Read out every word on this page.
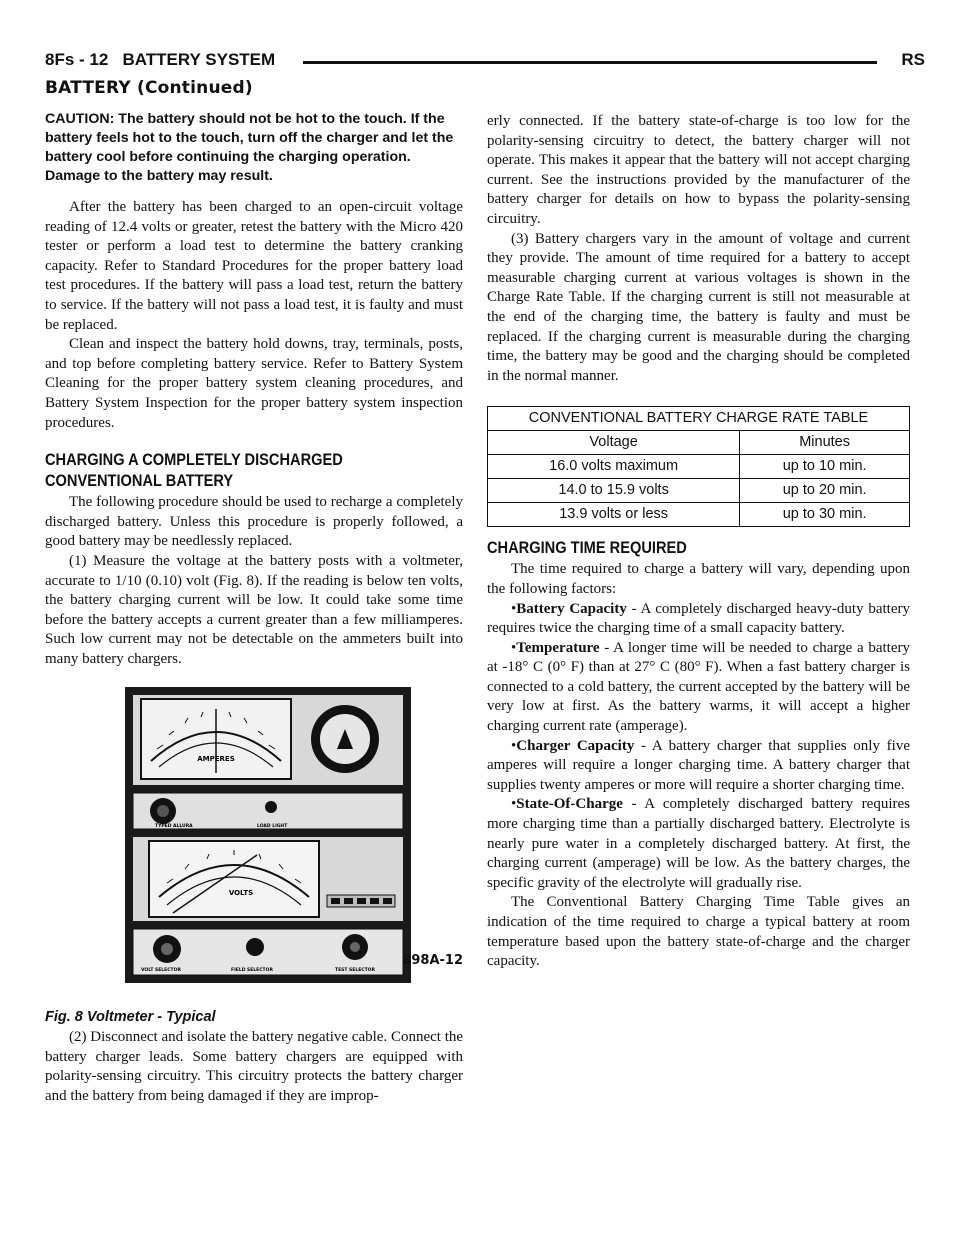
8Fs - 12 BATTERY SYSTEM	RS
BATTERY (Continued)

CAUTION: The battery should not be hot to the touch. If the battery feels hot to the touch, turn off the charger and let the battery cool before continuing the charging operation. Damage to the battery may result.

After the battery has been charged to an open-circuit voltage reading of 12.4 volts or greater, retest the battery with the Micro 420 tester or perform a load test to determine the battery cranking capacity. Refer to Standard Procedures for the proper battery load test procedures. If the battery will pass a load test, return the battery to service. If the battery will not pass a load test, it is faulty and must be replaced.

Clean and inspect the battery hold downs, tray, terminals, posts, and top before completing battery service. Refer to Battery System Cleaning for the proper battery system cleaning procedures, and Battery System Inspection for the proper battery system inspection procedures.

CHARGING A COMPLETELY DISCHARGED
CONVENTIONAL BATTERY

The following procedure should be used to recharge a completely discharged battery. Unless this procedure is properly followed, a good battery may be needlessly replaced.

(1) Measure the voltage at the battery posts with a voltmeter, accurate to 1/10 (0.10) volt (Fig. 8). If the reading is below ten volts, the battery charging current will be low. It could take some time before the battery accepts a current greater than a few milliamperes. Such low current may not be detectable on the ammeters built into many battery chargers.

AMPERES
TYPED ALLURA	LOAD LIGHT
VOLTS
VOLT SELECTOR	FIELD SELECTOR	TEST SELECTOR
898A-12

Fig. 8 Voltmeter - Typical

(2) Disconnect and isolate the battery negative cable. Connect the battery charger leads. Some battery chargers are equipped with polarity-sensing circuitry. This circuitry protects the battery charger and the battery from being damaged if they are improp-

erly connected. If the battery state-of-charge is too low for the polarity-sensing circuitry to detect, the battery charger will not operate. This makes it appear that the battery will not accept charging current. See the instructions provided by the manufacturer of the battery charger for details on how to bypass the polarity-sensing circuitry.

(3) Battery chargers vary in the amount of voltage and current they provide. The amount of time required for a battery to accept measurable charging current at various voltages is shown in the Charge Rate Table. If the charging current is still not measurable at the end of the charging time, the battery is faulty and must be replaced. If the charging current is measurable during the charging time, the battery may be good and the charging should be completed in the normal manner.

CONVENTIONAL BATTERY CHARGE RATE TABLE	
Voltage	Minutes
16.0 volts maximum	up to 10 min.
14.0 to 15.9 volts	up to 20 min.
13.9 volts or less	up to 30 min.

CHARGING TIME REQUIRED

The time required to charge a battery will vary, depending upon the following factors:

•Battery Capacity - A completely discharged heavy-duty battery requires twice the charging time of a small capacity battery.

•Temperature - A longer time will be needed to charge a battery at -18° C (0° F) than at 27° C (80° F). When a fast battery charger is connected to a cold battery, the current accepted by the battery will be very low at first. As the battery warms, it will accept a higher charging current rate (amperage).

•Charger Capacity - A battery charger that supplies only five amperes will require a longer charging time. A battery charger that supplies twenty amperes or more will require a shorter charging time.

•State-Of-Charge - A completely discharged battery requires more charging time than a partially discharged battery. Electrolyte is nearly pure water in a completely discharged battery. At first, the charging current (amperage) will be low. As the battery charges, the specific gravity of the electrolyte will gradually rise.

The Conventional Battery Charging Time Table gives an indication of the time required to charge a typical battery at room temperature based upon the battery state-of-charge and the charger capacity.
